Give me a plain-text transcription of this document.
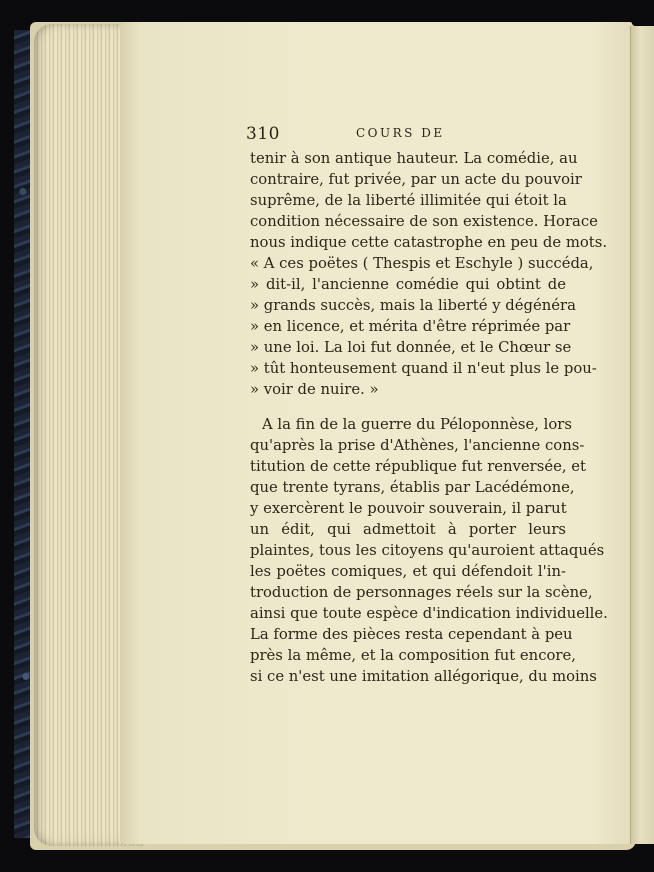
310	COURS DE
tenir à son antique hauteur. La comédie, au
contraire, fut privée, par un acte du pouvoir
suprême, de la liberté illimitée qui étoit la
condition nécessaire de son existence. Horace
nous indique cette catastrophe en peu de mots.
« A ces poëtes ( Thespis et Eschyle ) succéda,
» dit-il, l'ancienne comédie qui obtint de
» grands succès, mais la liberté y dégénéra
» en licence, et mérita d'être réprimée par
» une loi. La loi fut donnée, et le Chœur se
» tût honteusement quand il n'eut plus le pou-
» voir de nuire. »
A la fin de la guerre du Péloponnèse, lors
qu'après la prise d'Athènes, l'ancienne cons-
titution de cette république fut renversée, et
que trente tyrans, établis par Lacédémone,
y exercèrent le pouvoir souverain, il parut
un édit, qui admettoit à porter leurs
plaintes, tous les citoyens qu'auroient attaqués
les poëtes comiques, et qui défendoit l'in-
troduction de personnages réels sur la scène,
ainsi que toute espèce d'indication individuelle.
La forme des pièces resta cependant à peu
près la même, et la composition fut encore,
si ce n'est une imitation allégorique, du moins
